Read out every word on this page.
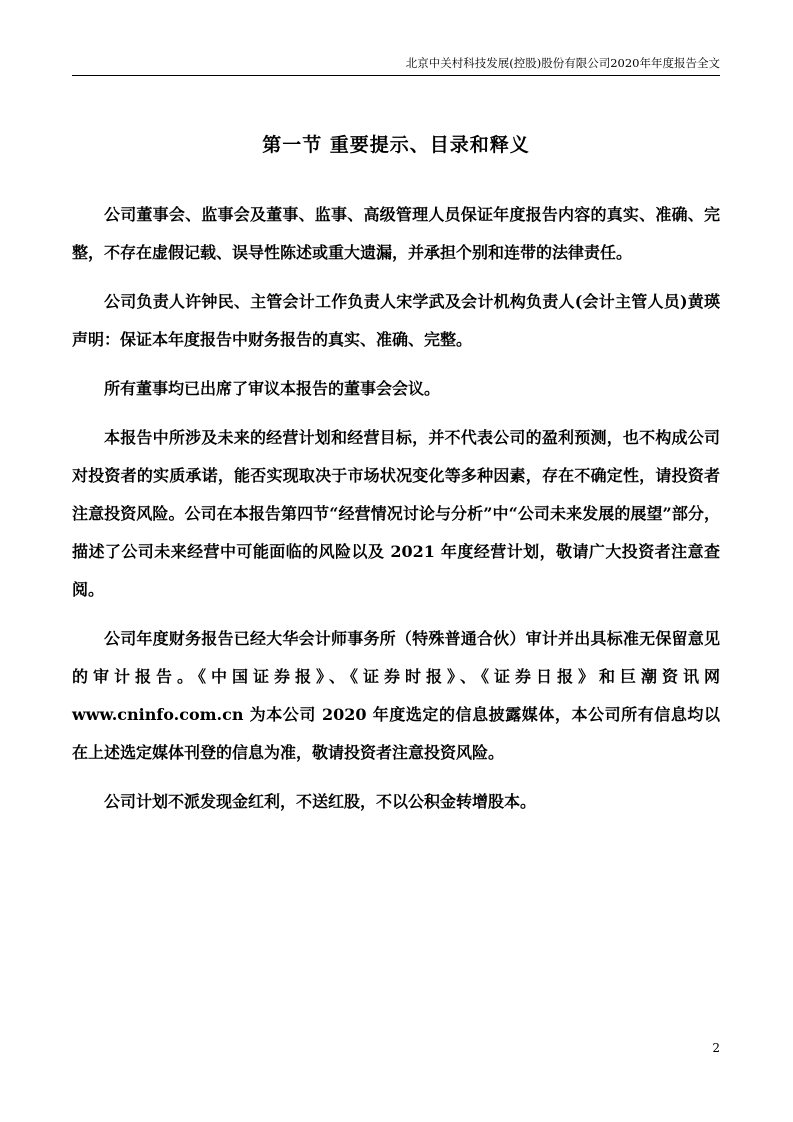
北京中关村科技发展(控股)股份有限公司2020年年度报告全文
第一节 重要提示、目录和释义

公司董事会、监事会及董事、监事、高级管理人员保证年度报告内容的真实、准确、完整，不存在虚假记载、误导性陈述或重大遗漏，并承担个别和连带的法律责任。

公司负责人许钟民、主管会计工作负责人宋学武及会计机构负责人(会计主管人员)黄瑛声明：保证本年度报告中财务报告的真实、准确、完整。

所有董事均已出席了审议本报告的董事会会议。

本报告中所涉及未来的经营计划和经营目标，并不代表公司的盈利预测，也不构成公司对投资者的实质承诺，能否实现取决于市场状况变化等多种因素，存在不确定性，请投资者注意投资风险。公司在本报告第四节“经营情况讨论与分析”中“公司未来发展的展望”部分，描述了公司未来经营中可能面临的风险以及 2021 年度经营计划，敬请广大投资者注意查阅。

公司年度财务报告已经大华会计师事务所（特殊普通合伙）审计并出具标准无保留意见的审计报告。《中国证券报》、《证券时报》、《证券日报》和巨潮资讯网 www.cninfo.com.cn 为本公司 2020 年度选定的信息披露媒体，本公司所有信息均以在上述选定媒体刊登的信息为准，敬请投资者注意投资风险。

公司计划不派发现金红利，不送红股，不以公积金转增股本。

2
